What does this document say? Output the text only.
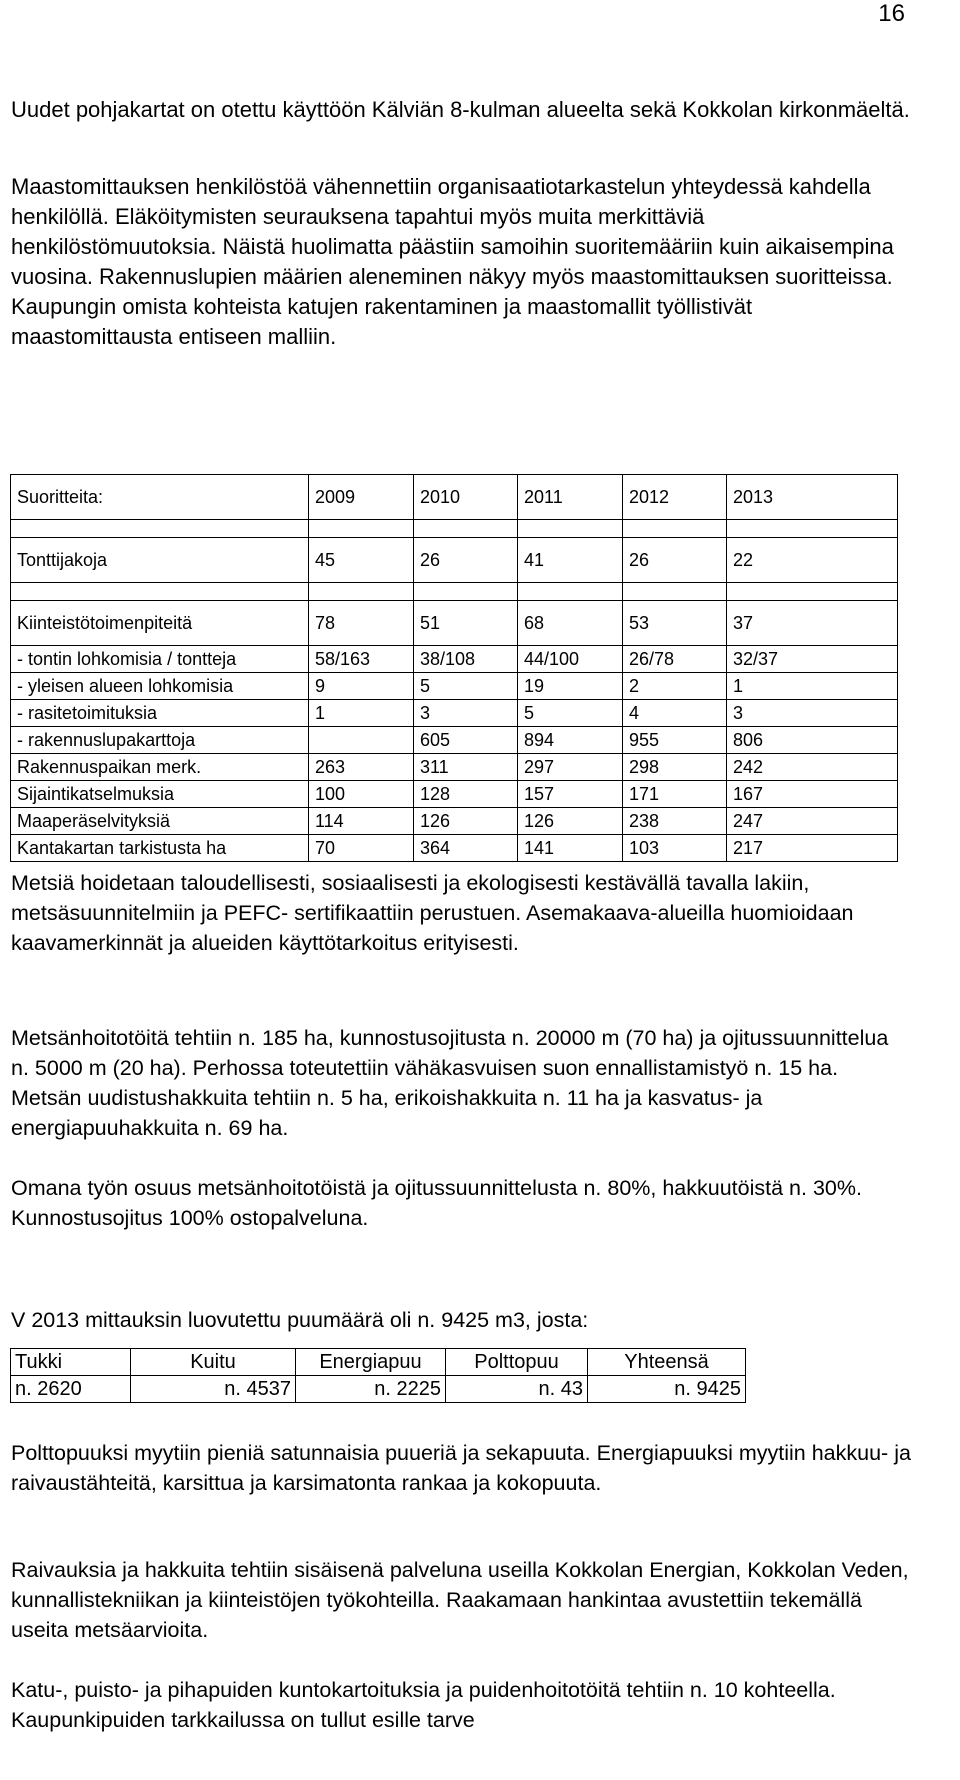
16

Uudet pohjakartat on otettu käyttöön Kälviän 8-kulman alueelta sekä Kokkolan kirkonmäeltä.

Maastomittauksen henkilöstöä vähennettiin organisaatiotarkastelun yhteydessä kahdella henkilöllä. Eläköitymisten seurauksena tapahtui myös muita merkittäviä henkilöstömuutoksia. Näistä huolimatta päästiin samoihin suoritemääriin kuin aikaisempina vuosina. Rakennuslupien määrien aleneminen näkyy myös maastomittauksen suoritteissa. Kaupungin omista kohteista katujen rakentaminen ja maastomallit työllistivät maastomittausta entiseen malliin.

Suoritteita:	2009	2010	2011	2012	2013

Tonttijakoja	45	26	41	26	22

Kiinteistötoimenpiteitä	78	51	68	53	37
- tontin lohkomisia / tontteja	58/163	38/108	44/100	26/78	32/37
- yleisen alueen lohkomisia	9	5	19	2	1
- rasitetoimituksia	1	3	5	4	3
- rakennuslupakarttoja		605	894	955	806
Rakennuspaikan merk.	263	311	297	298	242
Sijaintikatselmuksia	100	128	157	171	167
Maaperäselvityksiä	114	126	126	238	247
Kantakartan tarkistusta ha	70	364	141	103	217

Metsiä hoidetaan taloudellisesti, sosiaalisesti ja ekologisesti kestävällä tavalla lakiin, metsäsuunnitelmiin ja PEFC- sertifikaattiin perustuen. Asemakaava-alueilla huomioidaan kaavamerkinnät ja alueiden käyttötarkoitus erityisesti.

Metsänhoitotöitä tehtiin n. 185 ha, kunnostusojitusta n. 20000 m (70 ha) ja ojitussuunnittelua n. 5000 m (20 ha). Perhossa toteutettiin vähäkasvuisen suon ennallistamistyö n. 15 ha. Metsän uudistushakkuita tehtiin n. 5 ha, erikoishakkuita n. 11 ha ja kasvatus- ja energiapuuhakkuita n. 69 ha.

Omana työn osuus metsänhoitotöistä ja ojitussuunnittelusta n. 80%, hakkuutöistä n. 30%. Kunnostusojitus 100% ostopalveluna.

V 2013 mittauksin luovutettu puumäärä oli n. 9425 m3, josta:

Tukki	Kuitu	Energiapuu	Polttopuu	Yhteensä
n. 2620	n. 4537	n. 2225	n. 43	n. 9425

Polttopuuksi myytiin pieniä satunnaisia puueriä ja sekapuuta. Energiapuuksi myytiin hakkuu- ja raivaustähteitä, karsittua ja karsimatonta rankaa ja kokopuuta.

Raivauksia ja hakkuita tehtiin sisäisenä palveluna useilla Kokkolan Energian, Kokkolan Veden, kunnallistekniikan ja kiinteistöjen työkohteilla. Raakamaan hankintaa avustettiin tekemällä useita metsäarvioita.

Katu-, puisto- ja pihapuiden kuntokartoituksia ja puidenhoitotöitä tehtiin n. 10 kohteella. Kaupunkipuiden tarkkailussa on tullut esille tarve
